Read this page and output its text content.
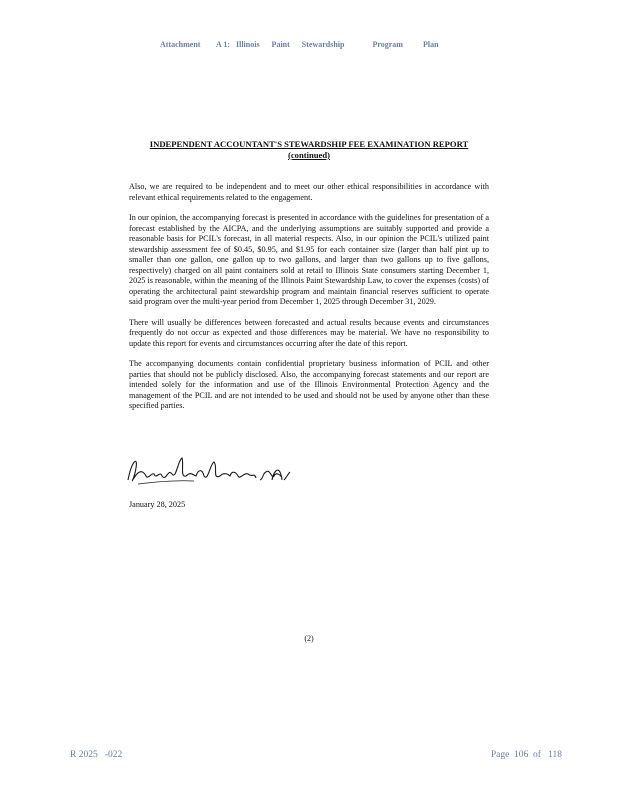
Attachment        A 1:   Illinois      Paint      Stewardship              Program          Plan
INDEPENDENT ACCOUNTANT'S STEWARDSHIP FEE EXAMINATION REPORT
(continued)

Also, we are required to be independent and to meet our other ethical responsibilities in accordance with relevant ethical requirements related to the engagement.

In our opinion, the accompanying forecast is presented in accordance with the guidelines for presentation of a forecast established by the AICPA, and the underlying assumptions are suitably supported and provide a reasonable basis for PCIL's forecast, in all material respects. Also, in our opinion the PCIL's utilized paint stewardship assessment fee of $0.45, $0.95, and $1.95 for each container size (larger than half pint up to smaller than one gallon, one gallon up to two gallons, and larger than two gallons up to five gallons, respectively) charged on all paint containers sold at retail to Illinois State consumers starting December 1, 2025 is reasonable, within the meaning of the Illinois Paint Stewardship Law, to cover the expenses (costs) of operating the architectural paint stewardship program and maintain financial reserves sufficient to operate said program over the multi-year period from December 1, 2025 through December 31, 2029.

There will usually be differences between forecasted and actual results because events and circumstances frequently do not occur as expected and those differences may be material. We have no responsibility to update this report for events and circumstances occurring after the date of this report.

The accompanying documents contain confidential proprietary business information of PCIL and other parties that should not be publicly disclosed. Also, the accompanying forecast statements and our report are intended solely for the information and use of the Illinois Environmental Protection Agency and the management of the PCIL and are not intended to be used and should not be used by anyone other than these specified parties.

January 28, 2025
(2)
R 2025   -022	Page  106  of   118
